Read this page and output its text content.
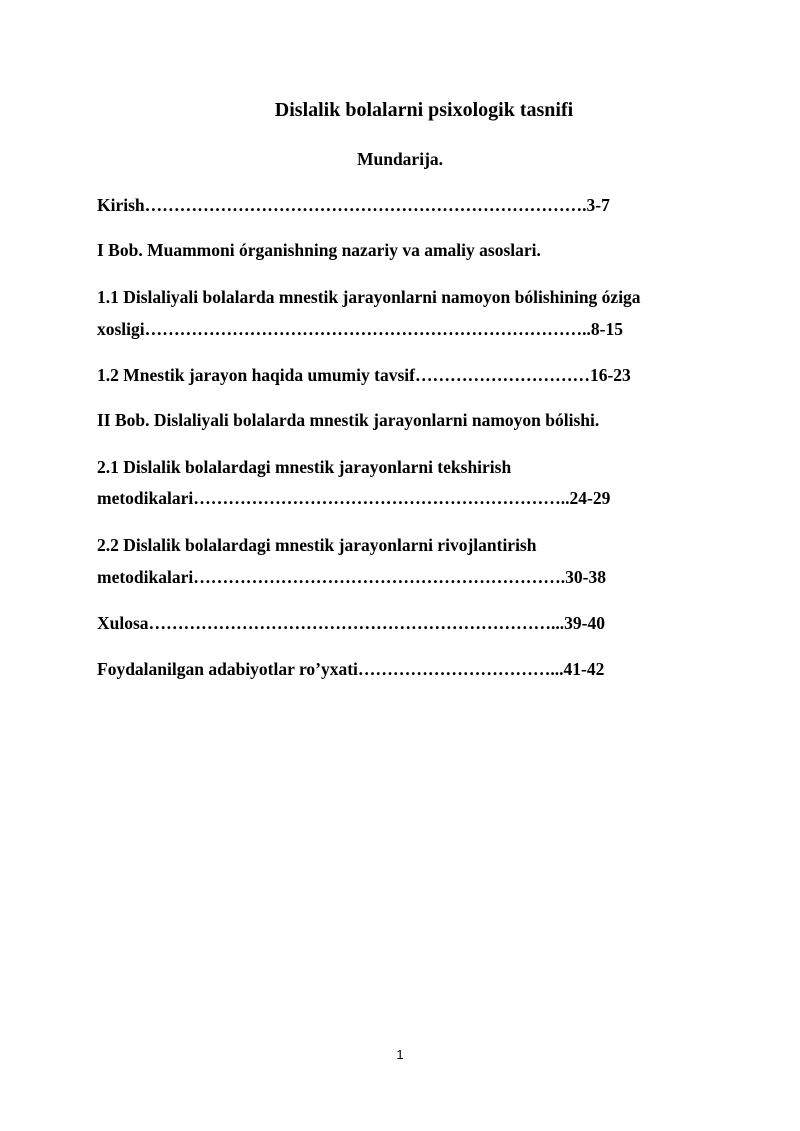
Dislalik bolalarni psixologik tasnifi
Mundarija.
Kirish………………………………………………………………….3-7
I Bob. Muammoni órganishning nazariy va amaliy asoslari.
1.1 Dislaliyali bolalarda mnestik jarayonlarni namoyon bólishining óziga
xosligi…………………………………………………………………..8-15
1.2 Mnestik jarayon haqida umumiy tavsif…………………………16-23
II Bob. Dislaliyali bolalarda mnestik jarayonlarni namoyon bólishi.
2.1 Dislalik bolalardagi mnestik jarayonlarni tekshirish
metodikalari………………………………………………………..24-29
2.2 Dislalik bolalardagi mnestik jarayonlarni rivojlantirish
metodikalari……………………………………………………….30-38
Xulosa……………………………………………………………...39-40
Foydalanilgan adabiyotlar ro’yxati……………………………...41-42
1
